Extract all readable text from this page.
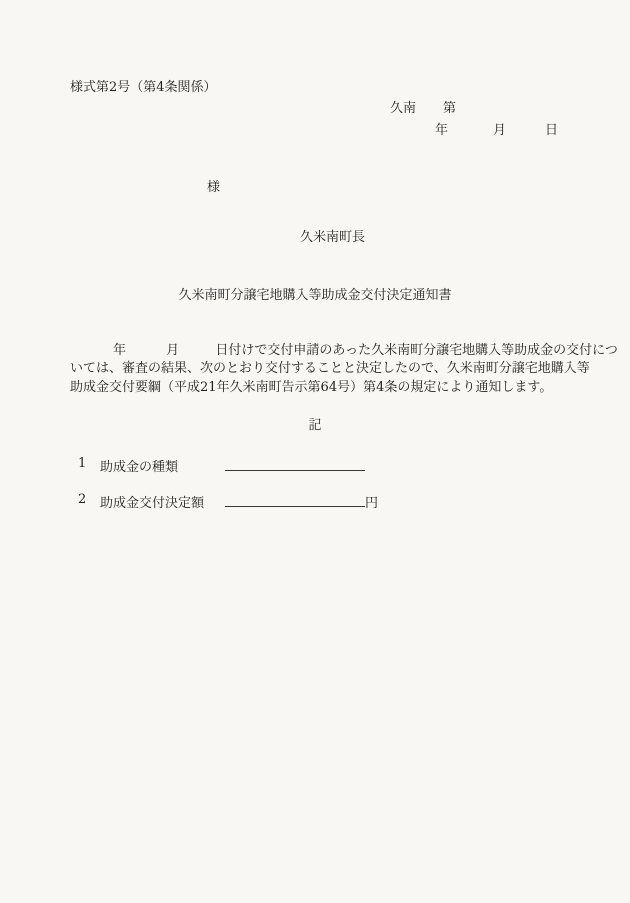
様式第2号（第4条関係）
久南 第
年	月	日
様
久米南町長
久米南町分譲宅地購入等助成金交付決定通知書
年	月	日付けで交付申請のあった久米南町分譲宅地購入等助成金の交付につ
いては、審査の結果、次のとおり交付することと決定したので、久米南町分譲宅地購入等
助成金交付要綱（平成21年久米南町告示第64号）第4条の規定により通知します。
記
1 助成金の種類
2 助成金交付決定額	円
